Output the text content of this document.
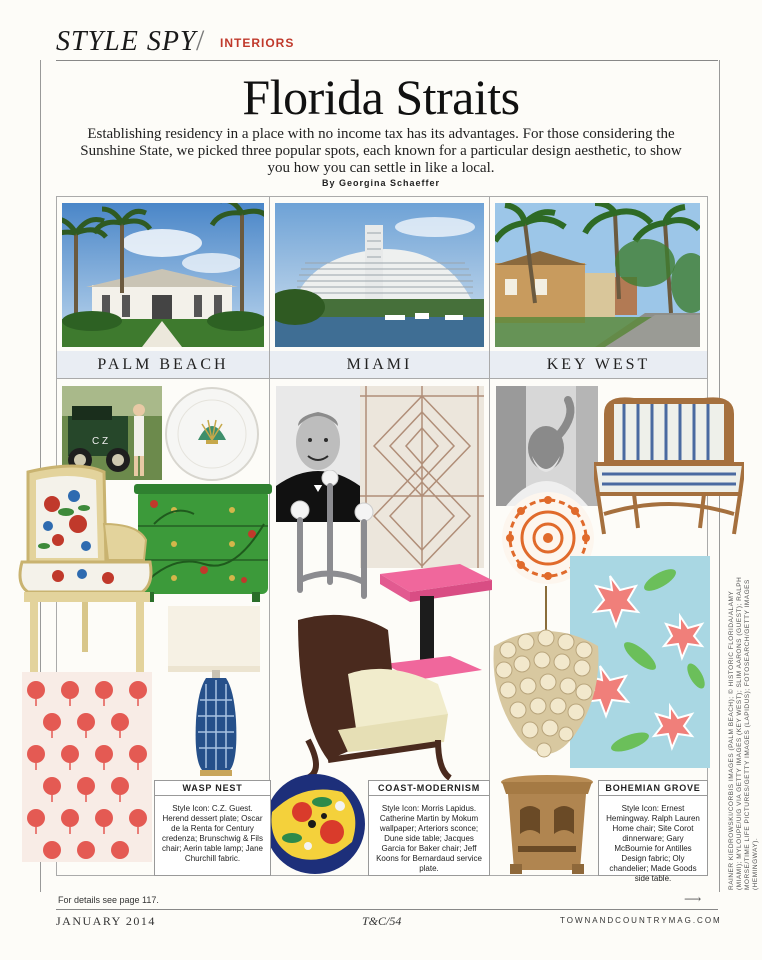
STYLE SPY / INTERIORS
Florida Straits
Establishing residency in a place with no income tax has its advantages. For those considering the Sunshine State, we picked three popular spots, each known for a particular design aesthetic, to show you how you can settle in like a local.
By Georgina Schaeffer
PALM BEACH	MIAMI	KEY WEST
C Z
WASP NEST
Style Icon: C.Z. Guest. Herend dessert plate; Oscar de la Renta for Century credenza; Brunschwig & Fils chair; Aerin table lamp; Jane Churchill fabric.
COAST-MODERNISM
Style Icon: Morris Lapidus. Catherine Martin by Mokum wallpaper; Arteriors sconce; Dune side table; Jacques Garcia for Baker chair; Jeff Koons for Bernardaud service plate.
BOHEMIAN GROVE
Style Icon: Ernest Hemingway. Ralph Lauren Home chair; Site Corot dinnerware; Gary McBournie for Antilles Design fabric; Oly chandelier; Made Goods side table.
For details see page 117.	⟶
JANUARY 2014	T&C/54	TOWNANDCOUNTRYMAG.COM
RAINER KIEDROWSKI/CORBIS IMAGES (PALM BEACH); © HISTORIC FLORIDA/ALAMY (MIAMI); MYLOUPE/UIG VIA GETTY IMAGES (KEY WEST); SLIM AARONS (GUEST); RALPH MORSE/TIME LIFE PICTURES/GETTY IMAGES (LAPIDUS); FOTOSEARCH/GETTY IMAGES (HEMINGWAY).
